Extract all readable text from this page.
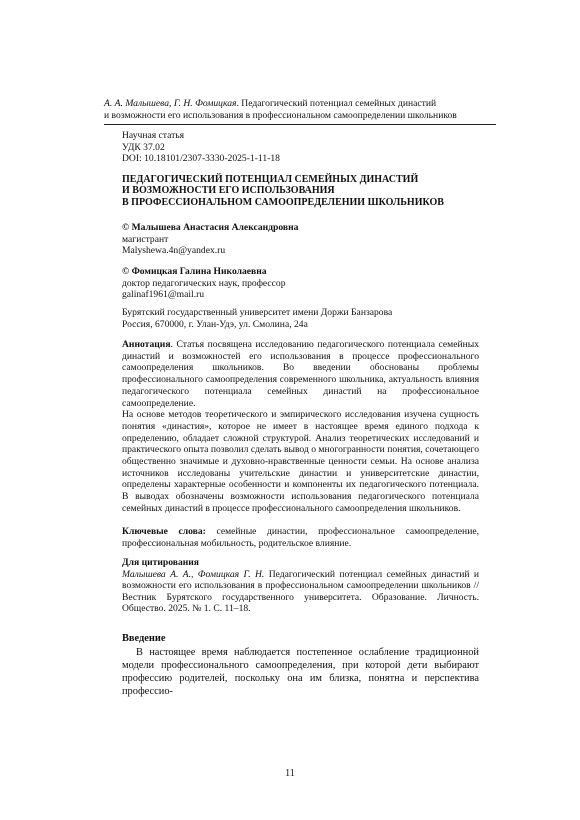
А. А. Малышева, Г. Н. Фомицкая. Педагогический потенциал семейных династий
и возможности его использования в профессиональном самоопределении школьников
Научная статья
УДК 37.02
DOI: 10.18101/2307-3330-2025-1-11-18
ПЕДАГОГИЧЕСКИЙ ПОТЕНЦИАЛ СЕМЕЙНЫХ ДИНАСТИЙ
И ВОЗМОЖНОСТИ ЕГО ИСПОЛЬЗОВАНИЯ
В ПРОФЕССИОНАЛЬНОМ САМООПРЕДЕЛЕНИИ ШКОЛЬНИКОВ
© Малышева Анастасия Александровна
магистрант
Malyshewa.4n@yandex.ru
© Фомицкая Галина Николаевна
доктор педагогических наук, профессор
galinaf1961@mail.ru
Бурятский государственный университет имени Доржи Банзарова
Россия, 670000, г. Улан-Удэ, ул. Смолина, 24а

Аннотация. Статья посвящена исследованию педагогического потенциала семейных династий и возможностей его использования в процессе профессионального самоопределения школьников. Во введении обоснованы проблемы профессионального самоопределения современного школьника, актуальность влияния педагогического потенциала семейных династий на профессиональное самоопределение.

На основе методов теоретического и эмпирического исследования изучена сущность понятия «династия», которое не имеет в настоящее время единого подхода к определению, обладает сложной структурой. Анализ теоретических исследований и практического опыта позволил сделать вывод о многогранности понятия, сочетающего общественно значимые и духовно-нравственные ценности семьи. На основе анализа источников исследованы учительские династии и университетские династии, определены характерные особенности и компоненты их педагогического потенциала. В выводах обозначены возможности использования педагогического потенциала семейных династий в процессе профессионального самоопределения школьников.

Ключевые слова: семейные династии, профессиональное самоопределение, профессиональная мобильность, родительское влияние.
Для цитирования
Малышева А. А., Фомицкая Г. Н. Педагогический потенциал семейных династий и возможности его использования в профессиональном самоопределении школьников // Вестник Бурятского государственного университета. Образование. Личность. Общество. 2025. № 1. С. 11–18.
Введение

В настоящее время наблюдается постепенное ослабление традиционной модели профессионального самоопределения, при которой дети выбирают профессию родителей, поскольку она им близка, понятна и перспектива профессио-

11
